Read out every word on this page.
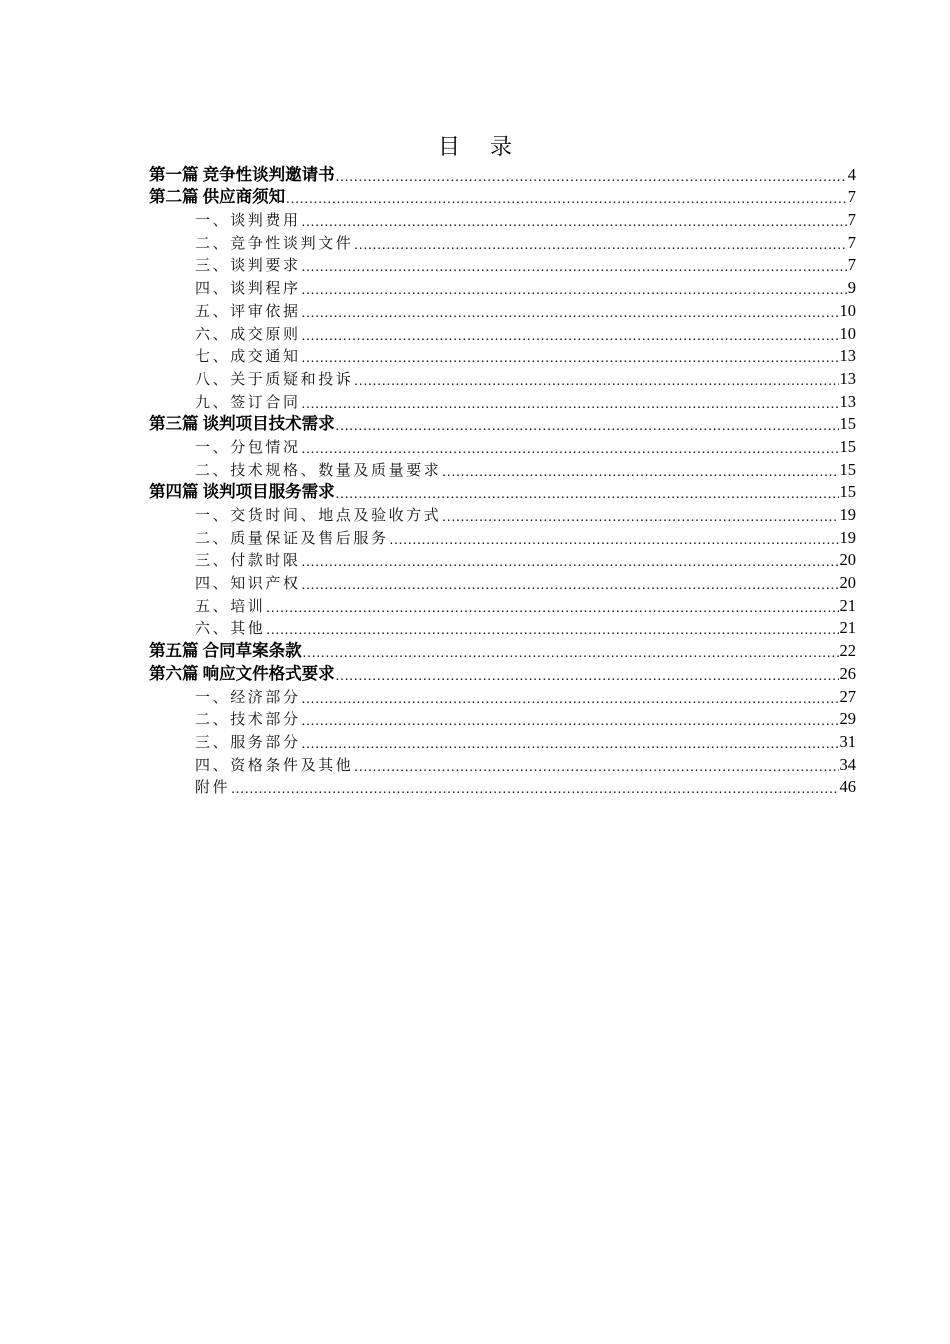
目 录
第一篇 竞争性谈判邀请书 .....	4
第二篇 供应商须知 .....	7
一、谈判费用 .....	7
二、竞争性谈判文件 .....	7
三、谈判要求 .....	7
四、谈判程序 .....	9
五、评审依据 .....	10
六、成交原则 .....	10
七、成交通知 .....	13
八、关于质疑和投诉 .....	13
九、签订合同 .....	13
第三篇 谈判项目技术需求 .....	15
一、分包情况 .....	15
二、技术规格、数量及质量要求 .....	15
第四篇 谈判项目服务需求 .....	15
一、交货时间、地点及验收方式 .....	19
二、质量保证及售后服务 .....	19
三、付款时限 .....	20
四、知识产权 .....	20
五、培训 .....	21
六、其他 .....	21
第五篇 合同草案条款 .....	22
第六篇 响应文件格式要求 .....	26
一、经济部分 .....	27
二、技术部分 .....	29
三、服务部分 .....	31
四、资格条件及其他 .....	34
附件 .....	46
